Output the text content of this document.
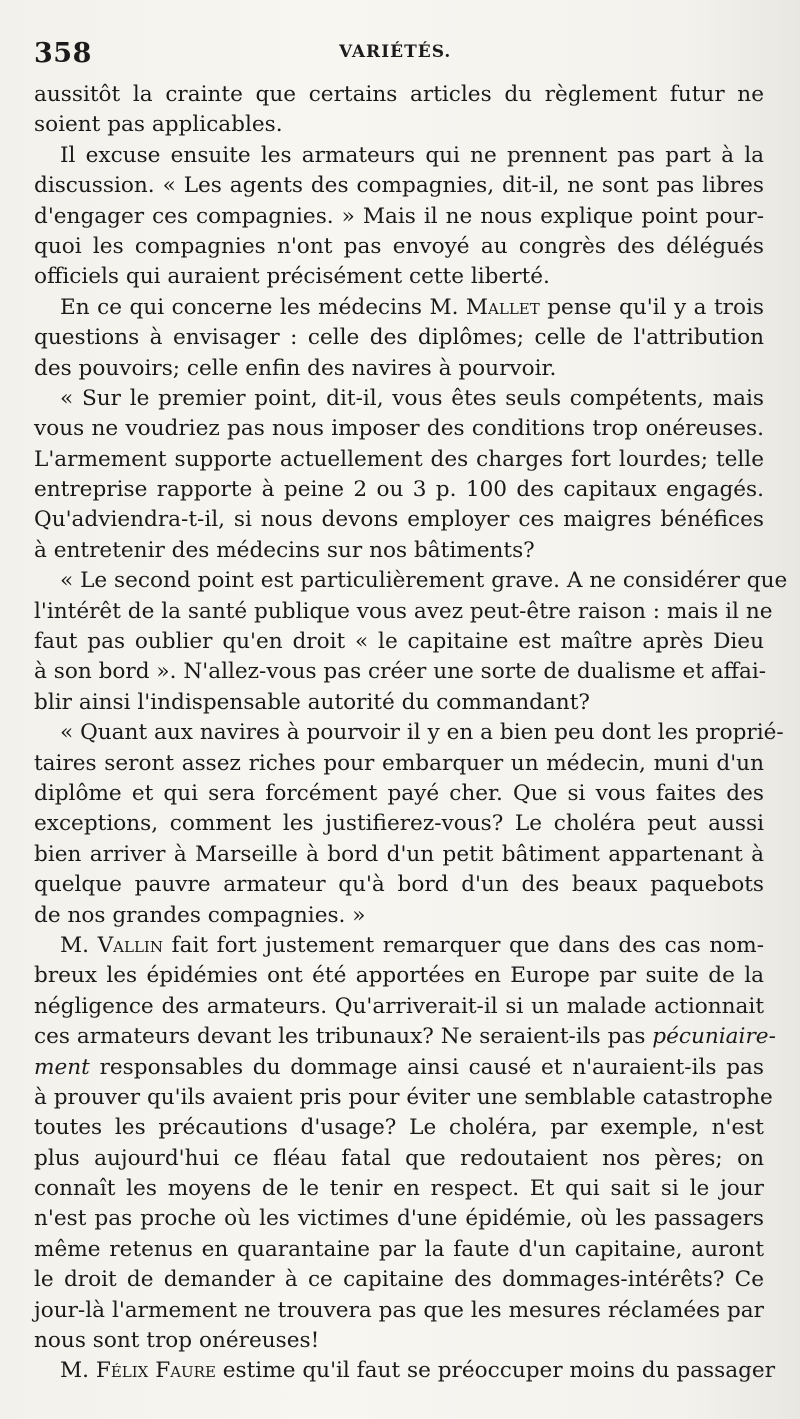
358	VARIÉTÉS.
aussitôt la crainte que certains articles du règlement futur ne
soient pas applicables.
Il excuse ensuite les armateurs qui ne prennent pas part à la
discussion. « Les agents des compagnies, dit-il, ne sont pas libres
d'engager ces compagnies. » Mais il ne nous explique point pour-
quoi les compagnies n'ont pas envoyé au congrès des délégués
officiels qui auraient précisément cette liberté.
En ce qui concerne les médecins M. Mallet pense qu'il y a trois
questions à envisager : celle des diplômes; celle de l'attribution
des pouvoirs; celle enfin des navires à pourvoir.
« Sur le premier point, dit-il, vous êtes seuls compétents, mais
vous ne voudriez pas nous imposer des conditions trop onéreuses.
L'armement supporte actuellement des charges fort lourdes; telle
entreprise rapporte à peine 2 ou 3 p. 100 des capitaux engagés.
Qu'adviendra-t-il, si nous devons employer ces maigres bénéfices
à entretenir des médecins sur nos bâtiments?
« Le second point est particulièrement grave. A ne considérer que
l'intérêt de la santé publique vous avez peut-être raison : mais il ne
faut pas oublier qu'en droit « le capitaine est maître après Dieu
à son bord ». N'allez-vous pas créer une sorte de dualisme et affai-
blir ainsi l'indispensable autorité du commandant?
« Quant aux navires à pourvoir il y en a bien peu dont les proprié-
taires seront assez riches pour embarquer un médecin, muni d'un
diplôme et qui sera forcément payé cher. Que si vous faites des
exceptions, comment les justifierez-vous? Le choléra peut aussi
bien arriver à Marseille à bord d'un petit bâtiment appartenant à
quelque pauvre armateur qu'à bord d'un des beaux paquebots
de nos grandes compagnies. »
M. Vallin fait fort justement remarquer que dans des cas nom-
breux les épidémies ont été apportées en Europe par suite de la
négligence des armateurs. Qu'arriverait-il si un malade actionnait
ces armateurs devant les tribunaux? Ne seraient-ils pas pécuniaire-
ment responsables du dommage ainsi causé et n'auraient-ils pas
à prouver qu'ils avaient pris pour éviter une semblable catastrophe
toutes les précautions d'usage? Le choléra, par exemple, n'est
plus aujourd'hui ce fléau fatal que redoutaient nos pères; on
connaît les moyens de le tenir en respect. Et qui sait si le jour
n'est pas proche où les victimes d'une épidémie, où les passagers
même retenus en quarantaine par la faute d'un capitaine, auront
le droit de demander à ce capitaine des dommages-intérêts? Ce
jour-là l'armement ne trouvera pas que les mesures réclamées par
nous sont trop onéreuses!
M. Félix Faure estime qu'il faut se préoccuper moins du passager
